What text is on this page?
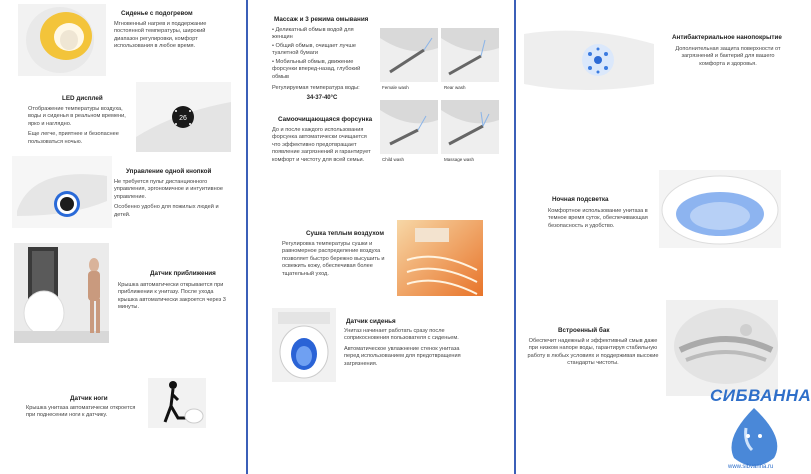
Сиденье с подогревом
Мгновенный нагрев и поддержание постоянной температуры, широкий диапазон регулировки, комфорт использования в любое время.
LED дисплей

Отображение температуры воздуха, воды и сиденья в реальном времени, ярко и наглядно.

Еще легче, приятнее и безопаснее пользоваться ночью.

26
Управление одной кнопкой

Не требуется пульт дистанционного управления, эргономичное и интуитивное управление.

Особенно удобно для пожилых людей и детей.

Датчик приближения
Крышка автоматически открывается при приближении к унитазу. После ухода крышка автоматически закроется через 3 минуты.
Датчик ноги
Крышка унитаза автоматически откроется при поднесении ноги к датчику.
Массаж и 3 режима омывания

• Деликатный обмыв водой для женщин

• Общий обмыв, очищает лучше туалетной бумаги

• Мобильный обмыв, движение форсунки вперед-назад, глубокий обмыв

Регулируемая температура воды:

34-37-40°C

Female wash	Rear wash
Child wash	Massage wash
Самоочищающаяся форсунка
До и после каждого использования форсунка автоматически очищается что эффективно предотвращает появление загрязнений и гарантирует комфорт и чистоту для всей семьи.
Сушка теплым воздухом
Регулировка температуры сушки и равномерное распределение воздуха позволяет быстро бережно высушить и освежить кожу, обеспечивая более тщательный уход.
Датчик сиденья

Унитаз начинает работать сразу после соприкосновения пользователя с сиденьем.

Автоматическое увлажнение стенок унитаза перед использованием для предотвращения загрязнения.

Антибактериальное нанопокрытие
Дополнительная защита поверхности от загрязнений и бактерий для вашего комфорта и здоровья.
Ночная подсветка
Комфортное использование унитаза в темное время суток, обеспечивающая безопасность и удобство.
Встроенный бак
Обеспечит надежный и эффективный смыв даже при низком напоре воды, гарантируя стабильную работу в любых условиях и поддерживая высокие стандарты чистоты.
СИБВАННА
www.sibvanna.ru
